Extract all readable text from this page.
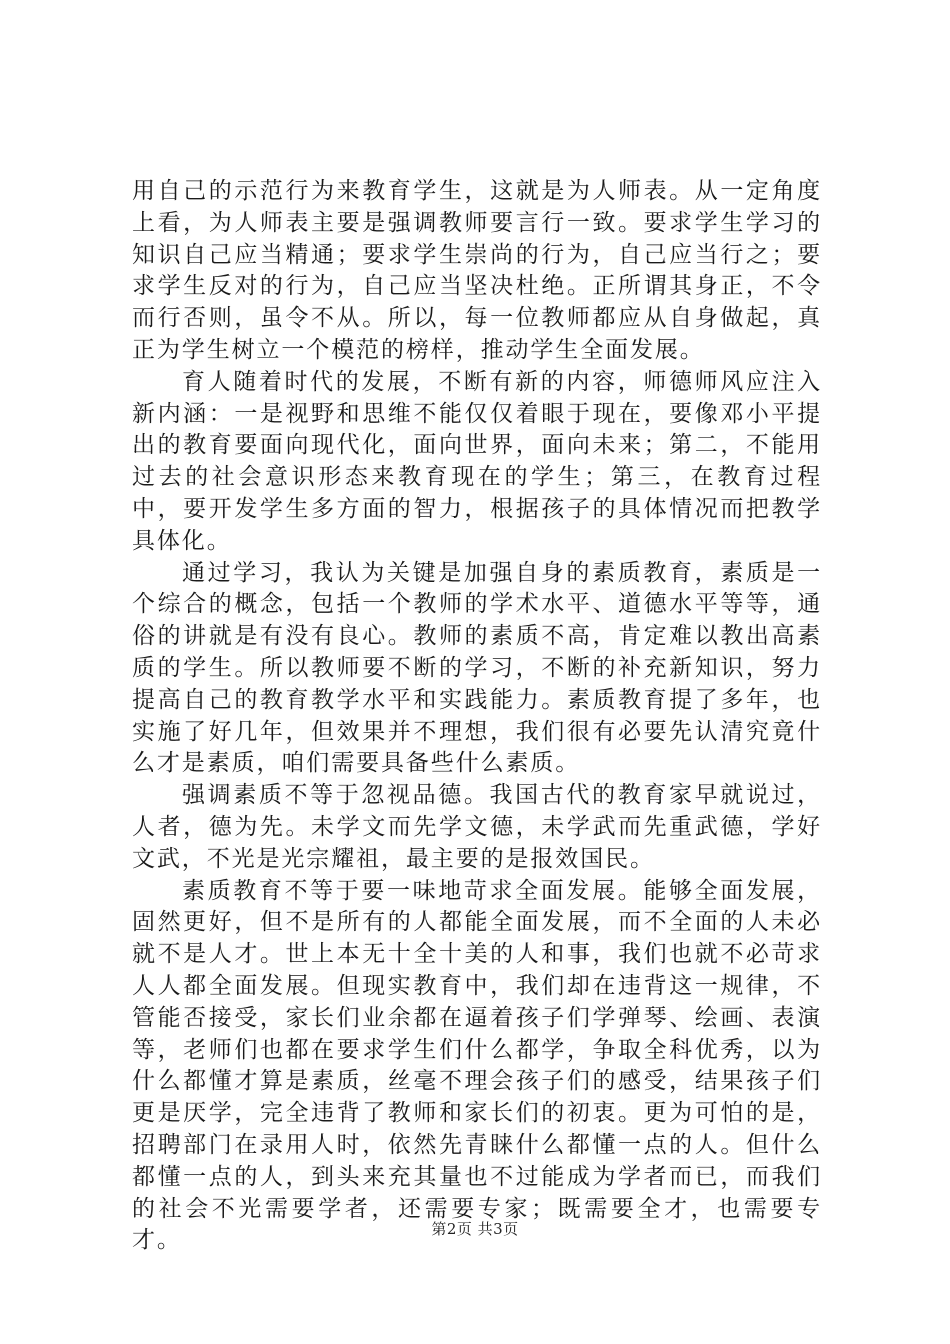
用自己的示范行为来教育学生，这就是为人师表。从一定角度上看，为人师表主要是强调教师要言行一致。要求学生学习的知识自己应当精通；要求学生崇尚的行为，自己应当行之；要求学生反对的行为，自己应当坚决杜绝。正所谓其身正，不令而行否则，虽令不从。所以，每一位教师都应从自身做起，真正为学生树立一个模范的榜样，推动学生全面发展。

育人随着时代的发展，不断有新的内容，师德师风应注入新内涵：一是视野和思维不能仅仅着眼于现在，要像邓小平提出的教育要面向现代化，面向世界，面向未来；第二，不能用过去的社会意识形态来教育现在的学生；第三，在教育过程中，要开发学生多方面的智力，根据孩子的具体情况而把教学具体化。

通过学习，我认为关键是加强自身的素质教育，素质是一个综合的概念，包括一个教师的学术水平、道德水平等等，通俗的讲就是有没有良心。教师的素质不高，肯定难以教出高素质的学生。所以教师要不断的学习，不断的补充新知识，努力提高自己的教育教学水平和实践能力。素质教育提了多年，也实施了好几年，但效果并不理想，我们很有必要先认清究竟什么才是素质，咱们需要具备些什么素质。

强调素质不等于忽视品德。我国古代的教育家早就说过，人者，德为先。未学文而先学文德，未学武而先重武德，学好文武，不光是光宗耀祖，最主要的是报效国民。

素质教育不等于要一味地苛求全面发展。能够全面发展，固然更好，但不是所有的人都能全面发展，而不全面的人未必就不是人才。世上本无十全十美的人和事，我们也就不必苛求人人都全面发展。但现实教育中，我们却在违背这一规律，不管能否接受，家长们业余都在逼着孩子们学弹琴、绘画、表演等，老师们也都在要求学生们什么都学，争取全科优秀，以为什么都懂才算是素质，丝毫不理会孩子们的感受，结果孩子们更是厌学，完全违背了教师和家长们的初衷。更为可怕的是，招聘部门在录用人时，依然先青睐什么都懂一点的人。但什么都懂一点的人，到头来充其量也不过能成为学者而已，而我们的社会不光需要学者，还需要专家；既需要全才，也需要专才。	第2页 共3页
